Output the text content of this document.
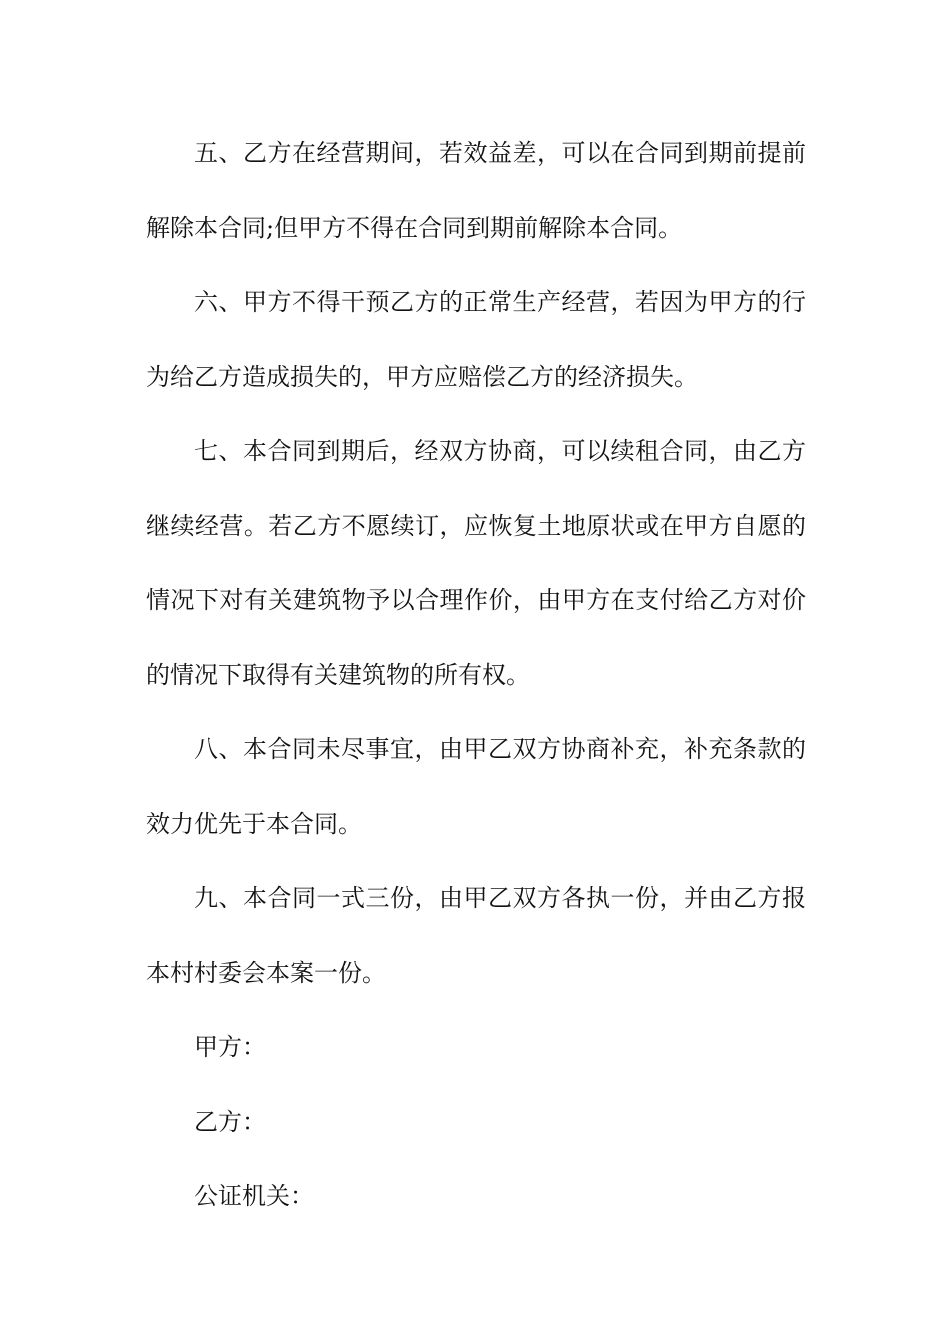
五、乙方在经营期间，若效益差，可以在合同到期前提前
解除本合同;但甲方不得在合同到期前解除本合同。
六、甲方不得干预乙方的正常生产经营，若因为甲方的行
为给乙方造成损失的，甲方应赔偿乙方的经济损失。
七、本合同到期后，经双方协商，可以续租合同，由乙方
继续经营。若乙方不愿续订，应恢复土地原状或在甲方自愿的
情况下对有关建筑物予以合理作价，由甲方在支付给乙方对价
的情况下取得有关建筑物的所有权。
八、本合同未尽事宜，由甲乙双方协商补充，补充条款的
效力优先于本合同。
九、本合同一式三份，由甲乙双方各执一份，并由乙方报
本村村委会本案一份。
甲方：
乙方：
公证机关：
